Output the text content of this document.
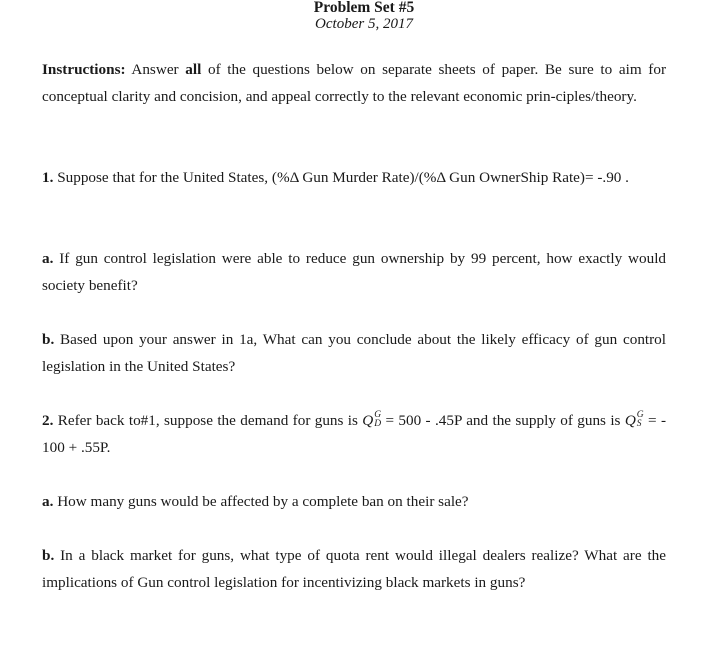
Problem Set #5
October 5, 2017
Instructions: Answer all of the questions below on separate sheets of paper. Be sure to aim for conceptual clarity and concision, and appeal correctly to the relevant economic prin-ciples/theory.
1. Suppose that for the United States, (%Δ Gun Murder Rate)/(%Δ Gun OwnerShip Rate)= -.90 .
a. If gun control legislation were able to reduce gun ownership by 99 percent, how exactly would society benefit?
b. Based upon your answer in 1a, What can you conclude about the likely efficacy of gun control legislation in the United States?
2. Refer back to#1, suppose the demand for guns is Q G
D = 500 - .45P and the supply of guns is Q G
S = - 100 + .55P.
a. How many guns would be affected by a complete ban on their sale?
b. In a black market for guns, what type of quota rent would illegal dealers realize? What are the implications of Gun control legislation for incentivizing black markets in guns?
